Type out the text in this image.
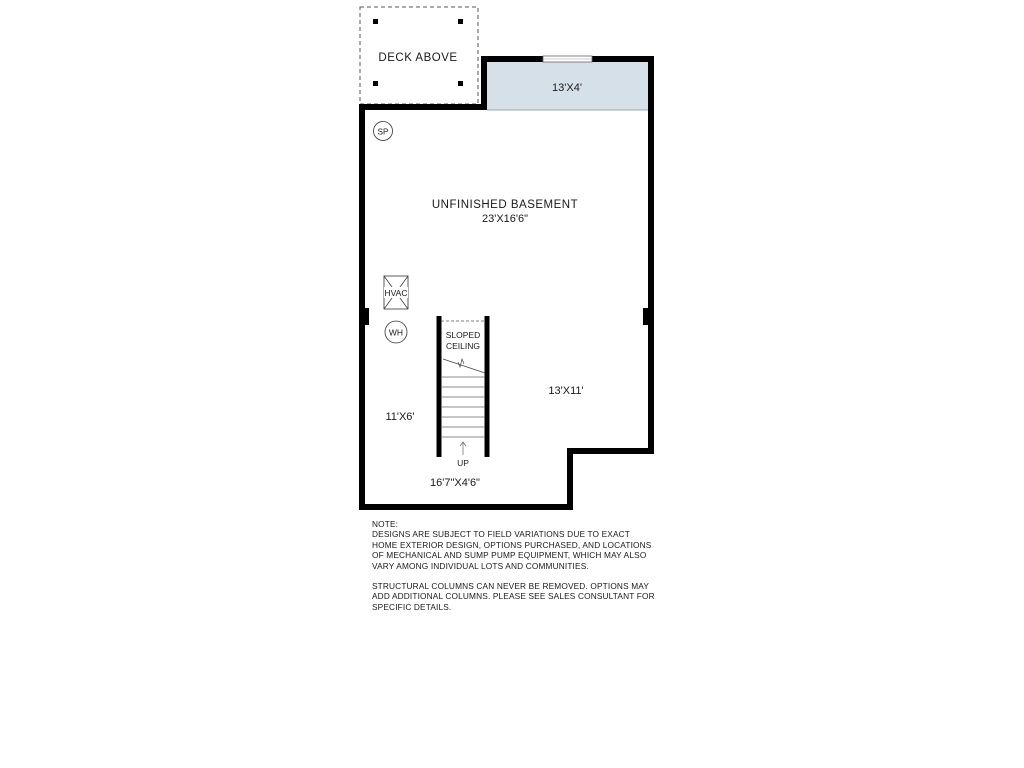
DECK ABOVE
13'X4'
SP
UNFINISHED BASEMENT
23'X16'6"
HVAC
WH	SLOPED
CEILING
UP
13'X11'
11'X6'
16'7"X4'6"
NOTE:
DESIGNS ARE SUBJECT TO FIELD VARIATIONS DUE TO EXACT
HOME EXTERIOR DESIGN, OPTIONS PURCHASED, AND LOCATIONS
OF MECHANICAL AND SUMP PUMP EQUIPMENT, WHICH MAY ALSO
VARY AMONG INDIVIDUAL LOTS AND COMMUNITIES.
STRUCTURAL COLUMNS CAN NEVER BE REMOVED. OPTIONS MAY
ADD ADDITIONAL COLUMNS. PLEASE SEE SALES CONSULTANT FOR
SPECIFIC DETAILS.
